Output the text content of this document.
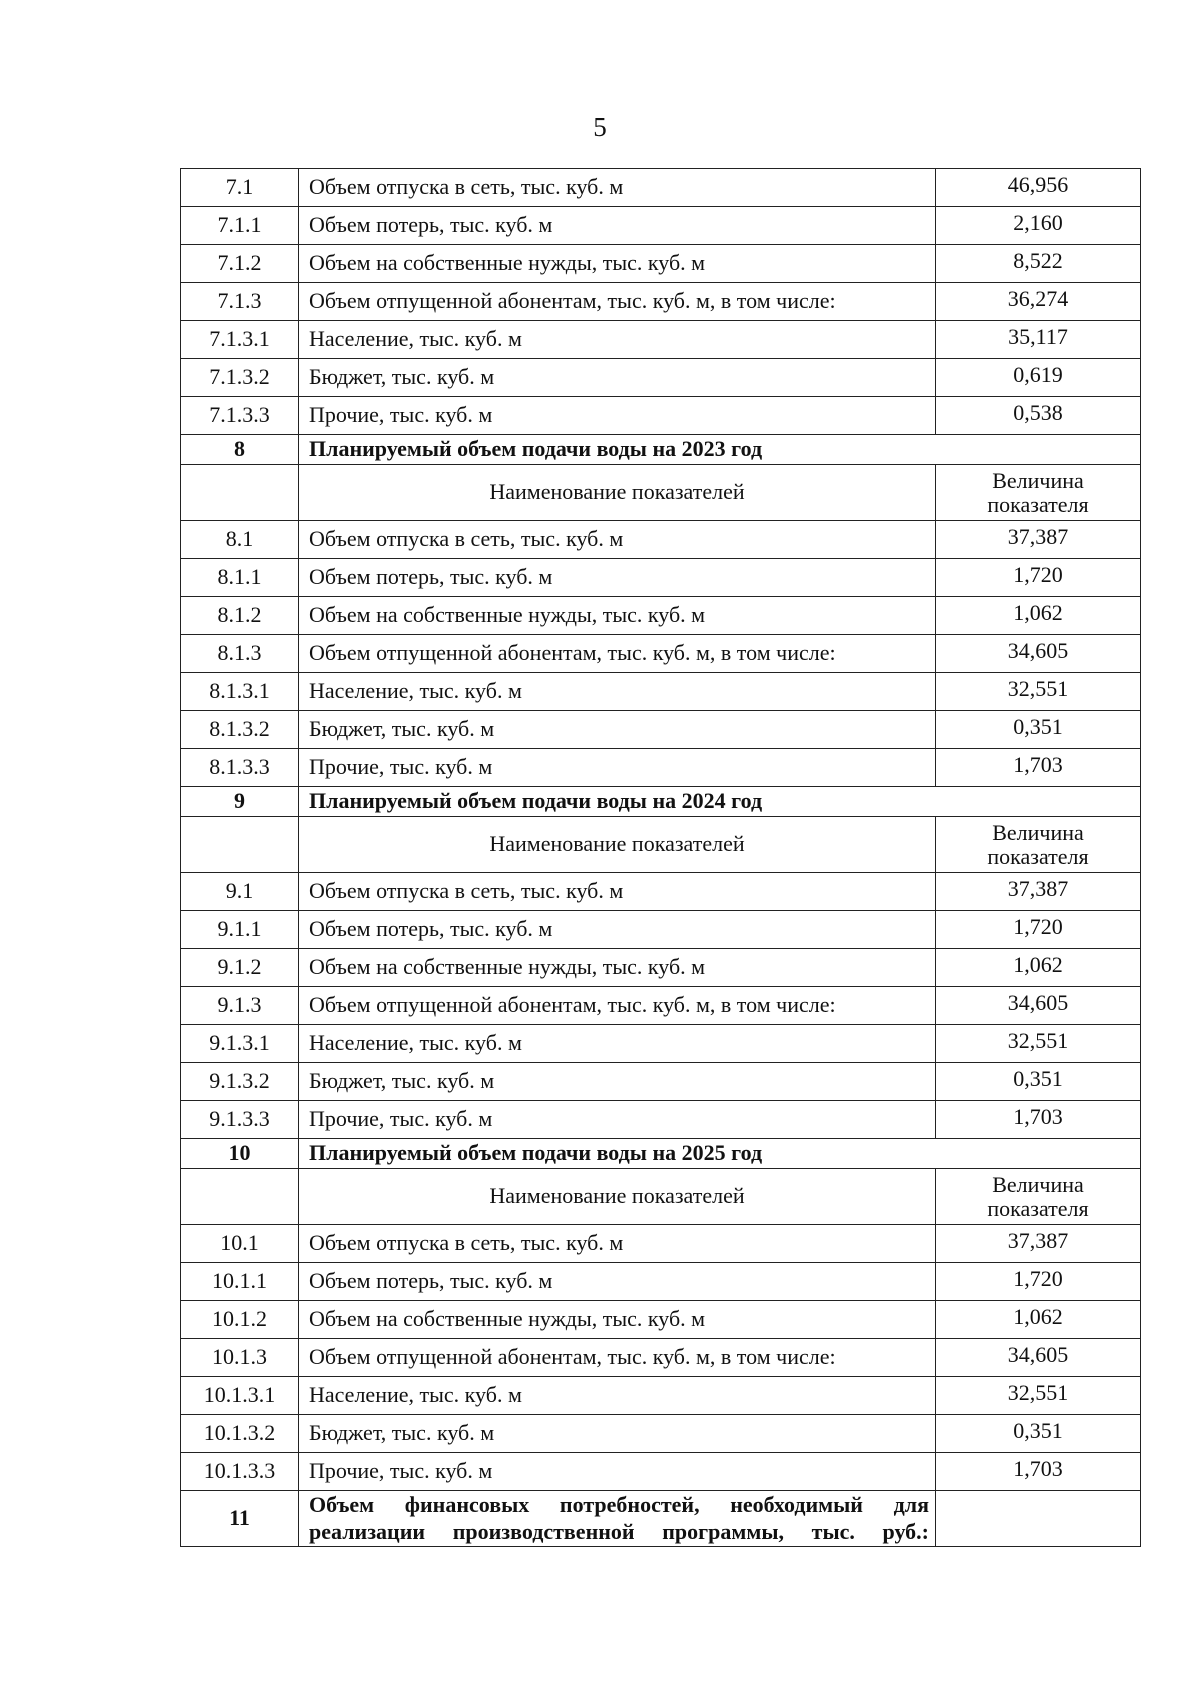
5
7.1	Объем отпуска в сеть, тыс. куб. м	46,956
7.1.1	Объем потерь, тыс. куб. м	2,160
7.1.2	Объем на собственные нужды, тыс. куб. м	8,522
7.1.3	Объем отпущенной абонентам, тыс. куб. м, в том числе:	36,274
7.1.3.1	Население, тыс. куб. м	35,117
7.1.3.2	Бюджет, тыс. куб. м	0,619
7.1.3.3	Прочие, тыс. куб. м	0,538
8	Планируемый объем подачи воды на 2023 год	
	Наименование показателей	Величина показателя
8.1	Объем отпуска в сеть, тыс. куб. м	37,387
8.1.1	Объем потерь, тыс. куб. м	1,720
8.1.2	Объем на собственные нужды, тыс. куб. м	1,062
8.1.3	Объем отпущенной абонентам, тыс. куб. м, в том числе:	34,605
8.1.3.1	Население, тыс. куб. м	32,551
8.1.3.2	Бюджет, тыс. куб. м	0,351
8.1.3.3	Прочие, тыс. куб. м	1,703
9	Планируемый объем подачи воды на 2024 год	
	Наименование показателей	Величина показателя
9.1	Объем отпуска в сеть, тыс. куб. м	37,387
9.1.1	Объем потерь, тыс. куб. м	1,720
9.1.2	Объем на собственные нужды, тыс. куб. м	1,062
9.1.3	Объем отпущенной абонентам, тыс. куб. м, в том числе:	34,605
9.1.3.1	Население, тыс. куб. м	32,551
9.1.3.2	Бюджет, тыс. куб. м	0,351
9.1.3.3	Прочие, тыс. куб. м	1,703
10	Планируемый объем подачи воды на 2025 год	
	Наименование показателей	Величина показателя
10.1	Объем отпуска в сеть, тыс. куб. м	37,387
10.1.1	Объем потерь, тыс. куб. м	1,720
10.1.2	Объем на собственные нужды, тыс. куб. м	1,062
10.1.3	Объем отпущенной абонентам, тыс. куб. м, в том числе:	34,605
10.1.3.1	Население, тыс. куб. м	32,551
10.1.3.2	Бюджет, тыс. куб. м	0,351
10.1.3.3	Прочие, тыс. куб. м	1,703
11	Объем финансовых потребностей, необходимый для реализации производственной программы, тыс. руб.:	
